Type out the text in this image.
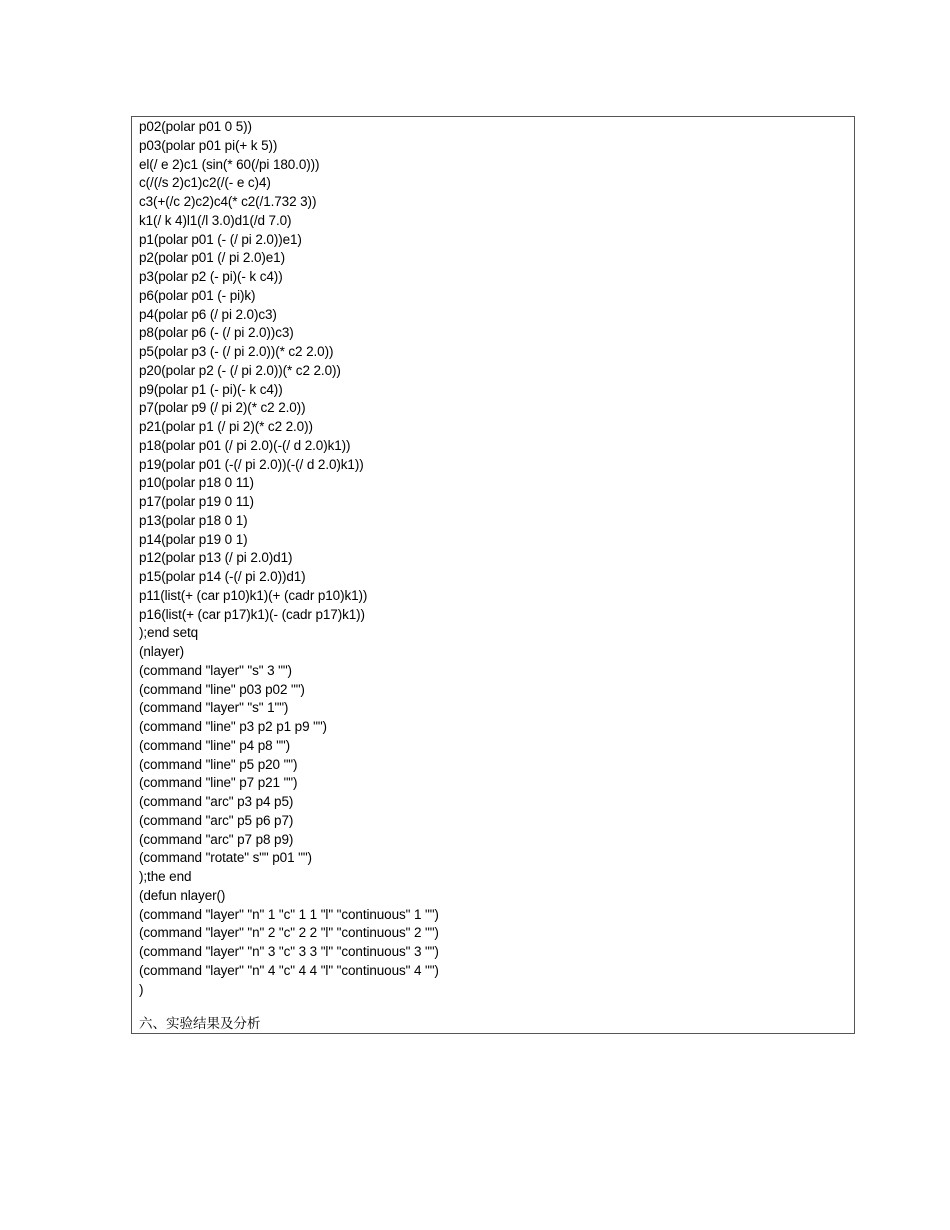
p02(polar p01 0 5))
p03(polar p01 pi(+ k 5))
el(/ e 2)c1 (sin(* 60(/pi 180.0)))
c(/(/s 2)c1)c2(/(- e c)4)
c3(+(/c 2)c2)c4(* c2(/1.732 3))
k1(/ k 4)l1(/l 3.0)d1(/d 7.0)
p1(polar p01 (- (/ pi 2.0))e1)
p2(polar p01 (/ pi 2.0)e1)
p3(polar p2 (- pi)(- k c4))
p6(polar p01 (- pi)k)
p4(polar p6 (/ pi 2.0)c3)
p8(polar p6 (- (/ pi 2.0))c3)
p5(polar p3 (- (/ pi 2.0))(* c2 2.0))
p20(polar p2 (- (/ pi 2.0))(* c2 2.0))
p9(polar p1 (- pi)(- k c4))
p7(polar p9 (/ pi 2)(* c2 2.0))
p21(polar p1 (/ pi 2)(* c2 2.0))
p18(polar p01 (/ pi 2.0)(-(/ d 2.0)k1))
p19(polar p01 (-(/ pi 2.0))(-(/ d 2.0)k1))
p10(polar p18 0 11)
p17(polar p19 0 11)
p13(polar p18 0 1)
p14(polar p19 0 1)
p12(polar p13 (/ pi 2.0)d1)
p15(polar p14 (-(/ pi 2.0))d1)
p11(list(+ (car p10)k1)(+ (cadr p10)k1))
p16(list(+ (car p17)k1)(- (cadr p17)k1))
);end setq
(nlayer)
(command "layer" "s" 3 "")
(command "line" p03 p02 "")
(command "layer" "s" 1"")
(command "line" p3 p2 p1 p9 "")
(command "line" p4 p8 "")
(command "line" p5 p20 "")
(command "line" p7 p21 "")
(command "arc" p3 p4 p5)
(command "arc" p5 p6 p7)
(command "arc" p7 p8 p9)
(command "rotate" s"" p01 "")
);the end
(defun nlayer()
(command "layer" "n" 1 "c" 1 1 "l" "continuous" 1 "")
(command "layer" "n" 2 "c" 2 2 "l" "continuous" 2 "")
(command "layer" "n" 3 "c" 3 3 "l" "continuous" 3 "")
(command "layer" "n" 4 "c" 4 4 "l" "continuous" 4 "")
)
六、实验结果及分析
